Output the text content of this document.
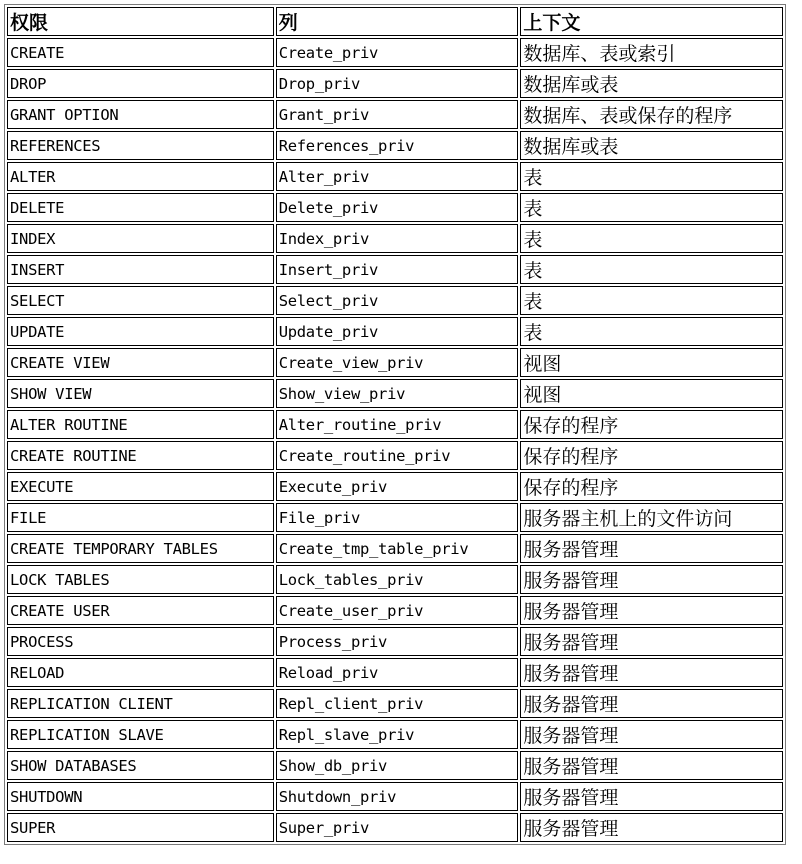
权限	列	上下文
CREATE	Create_priv	数据库、表或索引
DROP	Drop_priv	数据库或表
GRANT OPTION	Grant_priv	数据库、表或保存的程序
REFERENCES	References_priv	数据库或表
ALTER	Alter_priv	表
DELETE	Delete_priv	表
INDEX	Index_priv	表
INSERT	Insert_priv	表
SELECT	Select_priv	表
UPDATE	Update_priv	表
CREATE VIEW	Create_view_priv	视图
SHOW VIEW	Show_view_priv	视图
ALTER ROUTINE	Alter_routine_priv	保存的程序
CREATE ROUTINE	Create_routine_priv	保存的程序
EXECUTE	Execute_priv	保存的程序
FILE	File_priv	服务器主机上的文件访问
CREATE TEMPORARY TABLES	Create_tmp_table_priv	服务器管理
LOCK TABLES	Lock_tables_priv	服务器管理
CREATE USER	Create_user_priv	服务器管理
PROCESS	Process_priv	服务器管理
RELOAD	Reload_priv	服务器管理
REPLICATION CLIENT	Repl_client_priv	服务器管理
REPLICATION SLAVE	Repl_slave_priv	服务器管理
SHOW DATABASES	Show_db_priv	服务器管理
SHUTDOWN	Shutdown_priv	服务器管理
SUPER	Super_priv	服务器管理
